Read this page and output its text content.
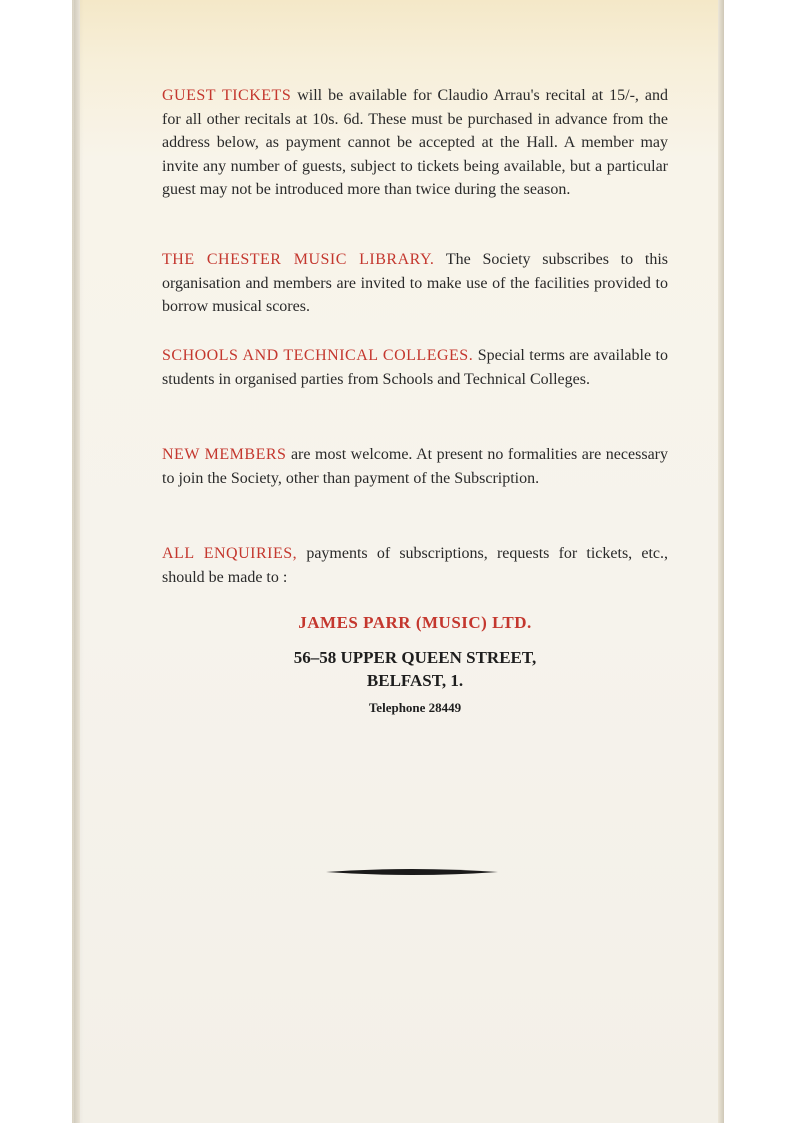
GUEST TICKETS will be available for Claudio Arrau's recital at 15/-, and for all other recitals at 10s. 6d. These must be purchased in advance from the address below, as payment cannot be accepted at the Hall. A member may invite any number of guests, subject to tickets being available, but a particular guest may not be introduced more than twice during the season.
THE CHESTER MUSIC LIBRARY. The Society subscribes to this organisation and members are invited to make use of the facilities provided to borrow musical scores.
SCHOOLS AND TECHNICAL COLLEGES. Special terms are available to students in organised parties from Schools and Technical Colleges.
NEW MEMBERS are most welcome. At present no formalities are necessary to join the Society, other than payment of the Subscription.
ALL ENQUIRIES, payments of subscriptions, requests for tickets, etc., should be made to :
JAMES PARR (MUSIC) LTD.
56–58 UPPER QUEEN STREET,
BELFAST, 1.
Telephone 28449
